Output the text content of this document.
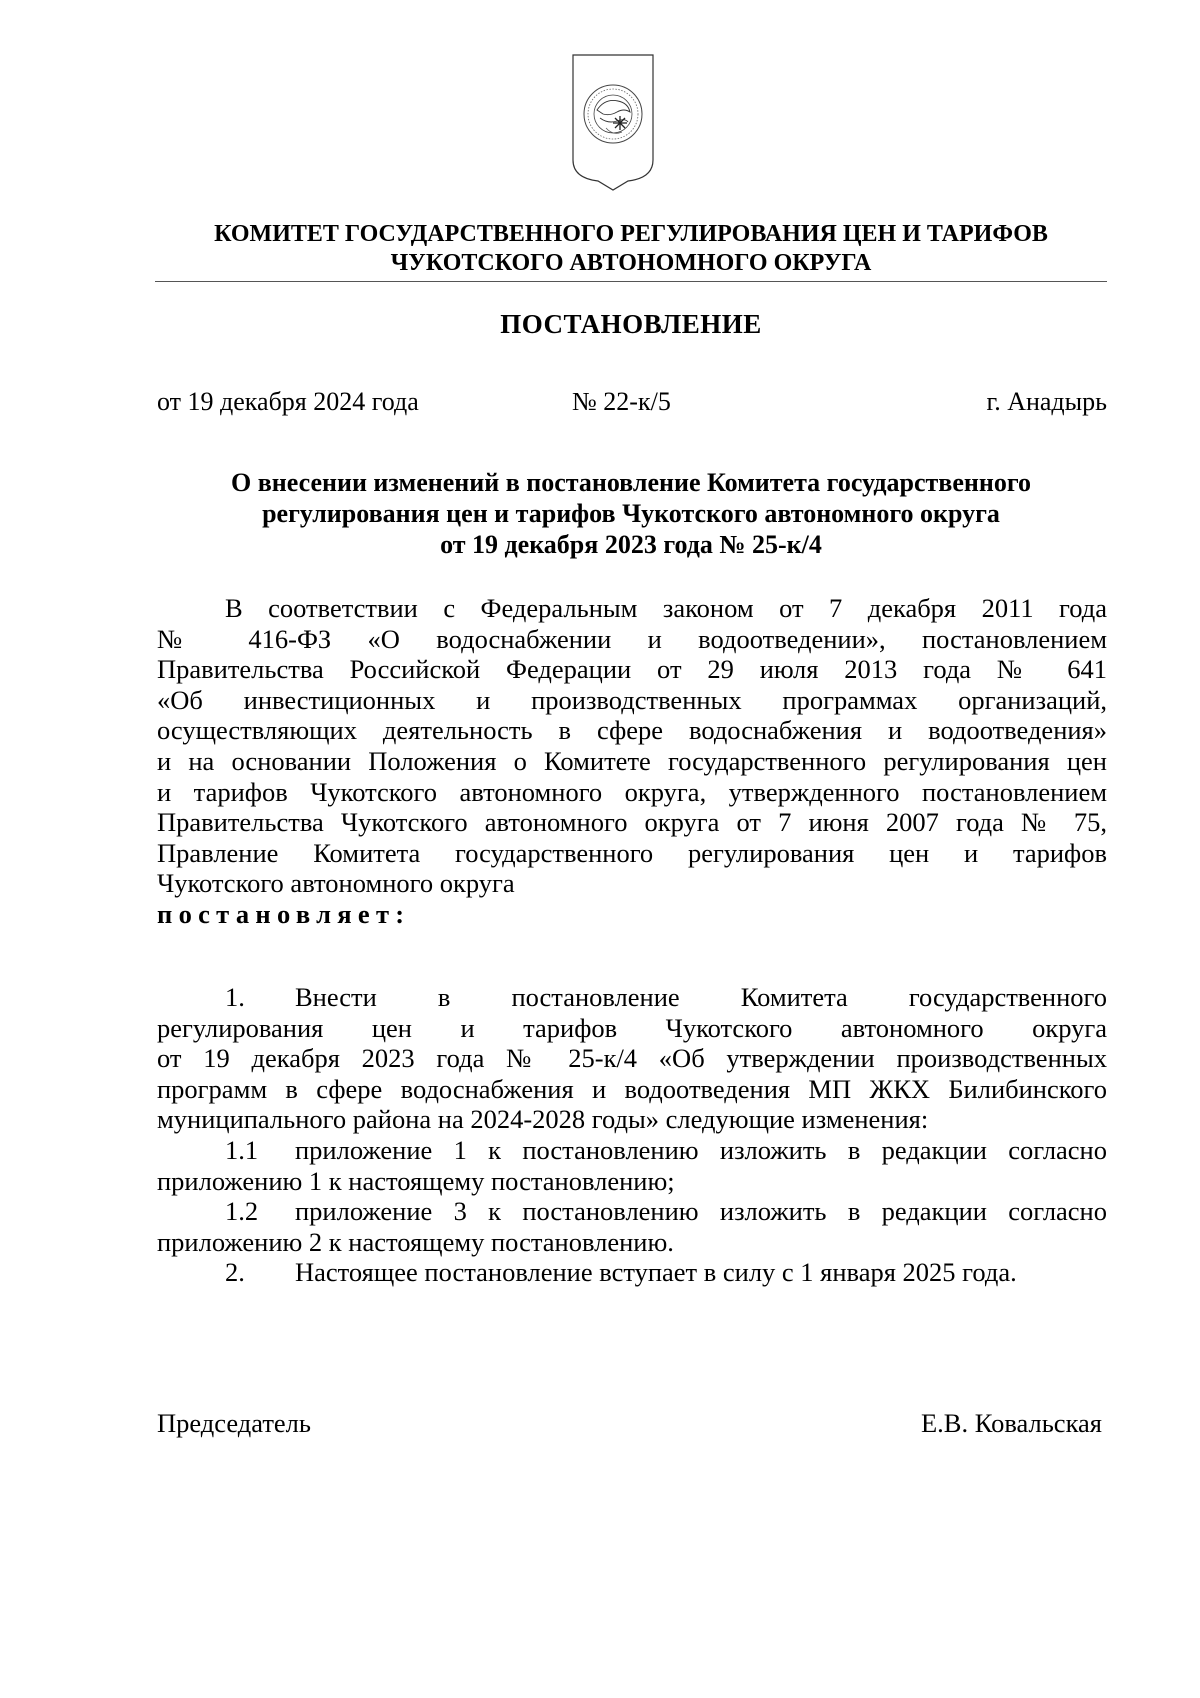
КОМИТЕТ ГОСУДАРСТВЕННОГО РЕГУЛИРОВАНИЯ ЦЕН И ТАРИФОВ
ЧУКОТСКОГО АВТОНОМНОГО ОКРУГА
ПОСТАНОВЛЕНИЕ
от 19 декабря 2024 года	№ 22-к/5	г. Анадырь
О внесении изменений в постановление Комитета государственного
регулирования цен и тарифов Чукотского автономного округа
от 19 декабря 2023 года № 25-к/4
В соответствии с Федеральным законом от 7 декабря 2011 года
№ 416-ФЗ «О водоснабжении и водоотведении», постановлением
Правительства Российской Федерации от 29 июля 2013 года № 641
«Об инвестиционных и производственных программах организаций,
осуществляющих деятельность в сфере водоснабжения и водоотведения»
и на основании Положения о Комитете государственного регулирования цен
и тарифов Чукотского автономного округа, утвержденного постановлением
Правительства Чукотского автономного округа от 7 июня 2007 года № 75,
Правление Комитета государственного регулирования цен и тарифов
Чукотского автономного округа
постановляет:
1. Внести в постановление Комитета государственного
регулирования цен и тарифов Чукотского автономного округа
от 19 декабря 2023 года № 25-к/4 «Об утверждении производственных
программ в сфере водоснабжения и водоотведения МП ЖКХ Билибинского
муниципального района на 2024-2028 годы» следующие изменения:
1.1 приложение 1 к постановлению изложить в редакции согласно
приложению 1 к настоящему постановлению;
1.2 приложение 3 к постановлению изложить в редакции согласно
приложению 2 к настоящему постановлению.
2. Настоящее постановление вступает в силу с 1 января 2025 года.
Председатель	Е.В. Ковальская
